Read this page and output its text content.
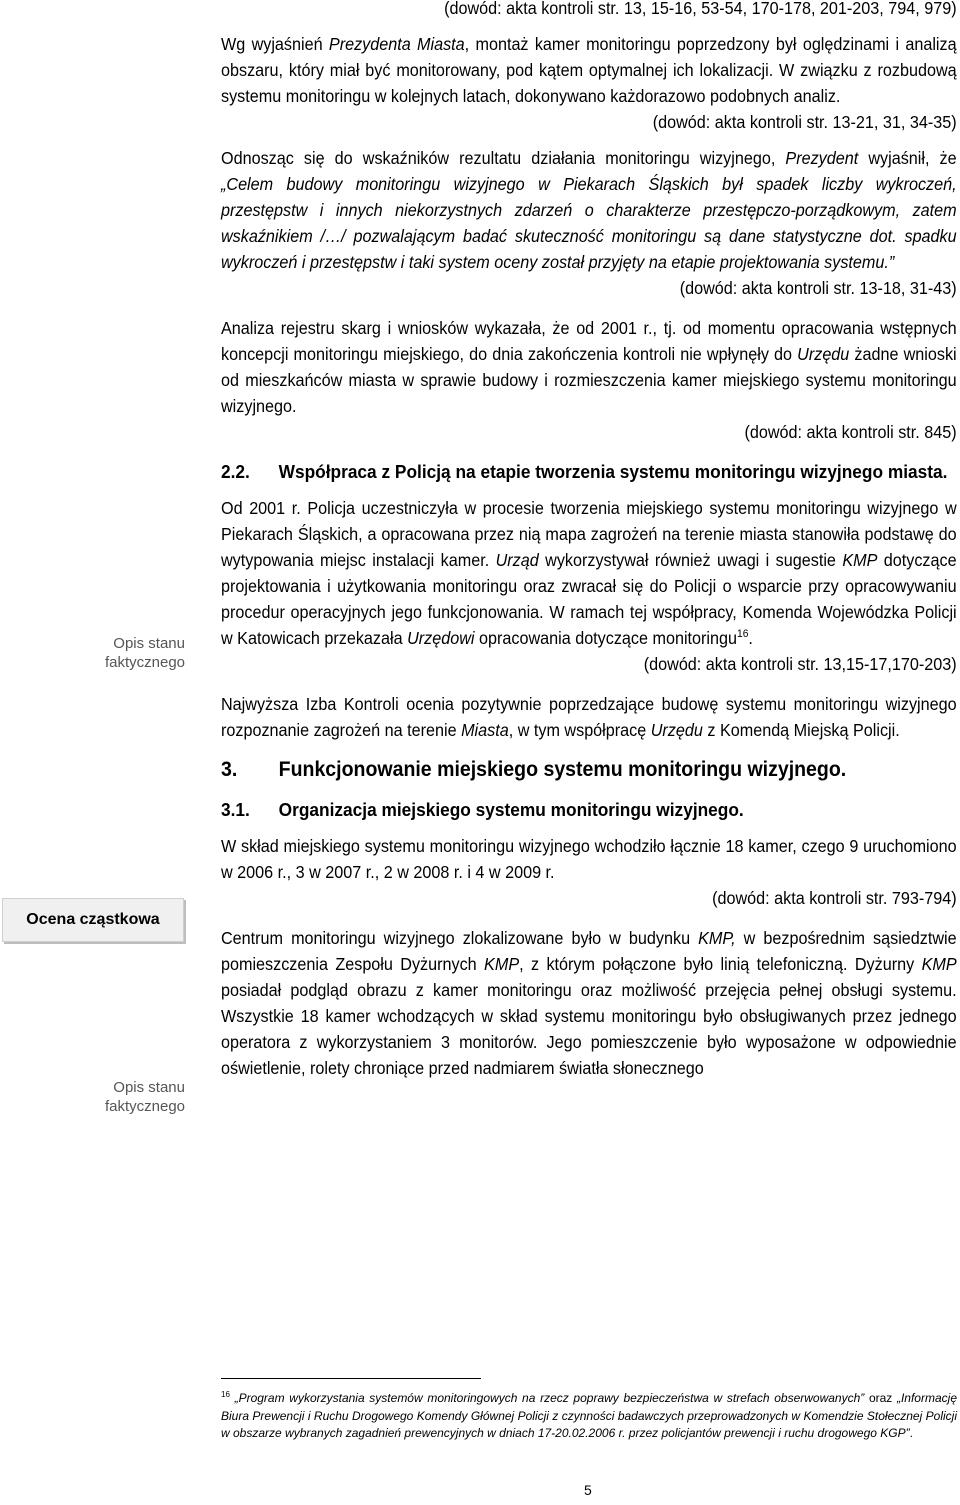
Opis stanu faktycznego
Ocena cząstkowa
Opis stanu faktycznego

(dowód: akta kontroli str. 13, 15-16, 53-54, 170-178, 201-203, 794, 979)

Wg wyjaśnień Prezydenta Miasta, montaż kamer monitoringu poprzedzony był oględzinami i analizą obszaru, który miał być monitorowany, pod kątem optymalnej ich lokalizacji. W związku z rozbudową systemu monitoringu w kolejnych latach, dokonywano każdorazowo podobnych analiz.

(dowód: akta kontroli str. 13-21, 31, 34-35)

Odnosząc się do wskaźników rezultatu działania monitoringu wizyjnego, Prezydent wyjaśnił, że „Celem budowy monitoringu wizyjnego w Piekarach Śląskich był spadek liczby wykroczeń, przestępstw i innych niekorzystnych zdarzeń o charakterze przestępczo-porządkowym, zatem wskaźnikiem /…/ pozwalającym badać skuteczność monitoringu są dane statystyczne dot. spadku wykroczeń i przestępstw i taki system oceny został przyjęty na etapie projektowania systemu.”

(dowód: akta kontroli str. 13-18, 31-43)

Analiza rejestru skarg i wniosków wykazała, że od 2001 r., tj. od momentu opracowania wstępnych koncepcji monitoringu miejskiego, do dnia zakończenia kontroli nie wpłynęły do Urzędu żadne wnioski od mieszkańców miasta w sprawie budowy i rozmieszczenia kamer miejskiego systemu monitoringu wizyjnego.

(dowód: akta kontroli str. 845)

2.2.	Współpraca z Policją na etapie tworzenia systemu monitoringu wizyjnego miasta.

Od 2001 r. Policja uczestniczyła w procesie tworzenia miejskiego systemu monitoringu wizyjnego w Piekarach Śląskich, a opracowana przez nią mapa zagrożeń na terenie miasta stanowiła podstawę do wytypowania miejsc instalacji kamer. Urząd wykorzystywał również uwagi i sugestie KMP dotyczące projektowania i użytkowania monitoringu oraz zwracał się do Policji o wsparcie przy opracowywaniu procedur operacyjnych jego funkcjonowania. W ramach tej współpracy, Komenda Wojewódzka Policji w Katowicach przekazała Urzędowi opracowania dotyczące monitoringu$^{16}$.

(dowód: akta kontroli str. 13,15-17,170-203)

Najwyższa Izba Kontroli ocenia pozytywnie poprzedzające budowę systemu monitoringu wizyjnego rozpoznanie zagrożeń na terenie Miasta, w tym współpracę Urzędu z Komendą Miejską Policji.

3.	Funkcjonowanie miejskiego systemu monitoringu wizyjnego.
3.1.	Organizacja miejskiego systemu monitoringu wizyjnego.

W skład miejskiego systemu monitoringu wizyjnego wchodziło łącznie 18 kamer, czego 9 uruchomiono w 2006 r., 3 w 2007 r., 2 w 2008 r. i 4 w 2009 r.

(dowód: akta kontroli str. 793-794)

Centrum monitoringu wizyjnego zlokalizowane było w budynku KMP, w bezpośrednim sąsiedztwie pomieszczenia Zespołu Dyżurnych KMP, z którym połączone było linią telefoniczną. Dyżurny KMP posiadał podgląd obrazu z kamer monitoringu oraz możliwość przejęcia pełnej obsługi systemu. Wszystkie 18 kamer wchodzących w skład systemu monitoringu było obsługiwanych przez jednego operatora z wykorzystaniem 3 monitorów. Jego pomieszczenie było wyposażone w odpowiednie oświetlenie, rolety chroniące przed nadmiarem światła słonecznego

$^{16}$ „Program wykorzystania systemów monitoringowych na rzecz poprawy bezpieczeństwa w strefach obserwowanych” oraz „Informację Biura Prewencji i Ruchu Drogowego Komendy Głównej Policji z czynności badawczych przeprowadzonych w Komendzie Stołecznej Policji w obszarze wybranych zagadnień prewencyjnych w dniach 17-20.02.2006 r. przez policjantów prewencji i ruchu drogowego KGP”.
5
